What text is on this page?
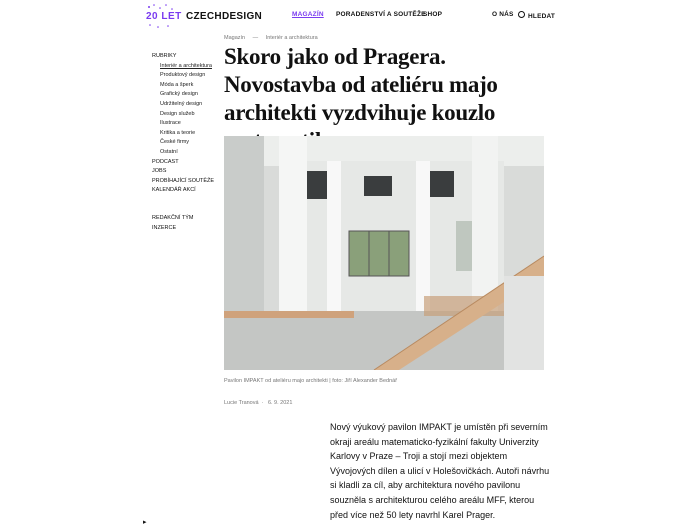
20 LET CZECHDESIGN	MAGAZÍN PORADENSTVÍ A SOUTĚŽE
SHOP	O NÁS	HLEDAT
RUBRIKY
Interiér a architektura
Produktový design
Móda a šperk
Grafický design
Udržitelný design
Design služeb
Ilustrace
Kritika a teorie
České firmy
Ostatní
PODCAST
JOBS
PROBÍHAJÍCÍ SOUTĚŽE
KALENDÁŘ AKCÍ
REDAKČNÍ TÝM
INZERCE
Magazín — Interiér a architektura
Skoro jako od Pragera. Novostavba od ateliéru majo architekti vyzdvihuje kouzlo
Pavilon IMPAKT od ateliéru majo architekti | foto: Jiří Alexander Bednář
Lucie Tranová · 6. 9. 2021

Nový výukový pavilon IMPAKT je umístěn při severním okraji areálu matematicko-fyzikální fakulty Univerzity Karlovy v Praze – Troji a stojí mezi objektem Vývojových dílen a ulicí v Holešovičkách. Autoři návrhu si kladli za cíl, aby architektura nového pavilonu souzněla s architekturou celého areálu MFF, kterou před více než 50 lety navrhl Karel Prager.

▸
